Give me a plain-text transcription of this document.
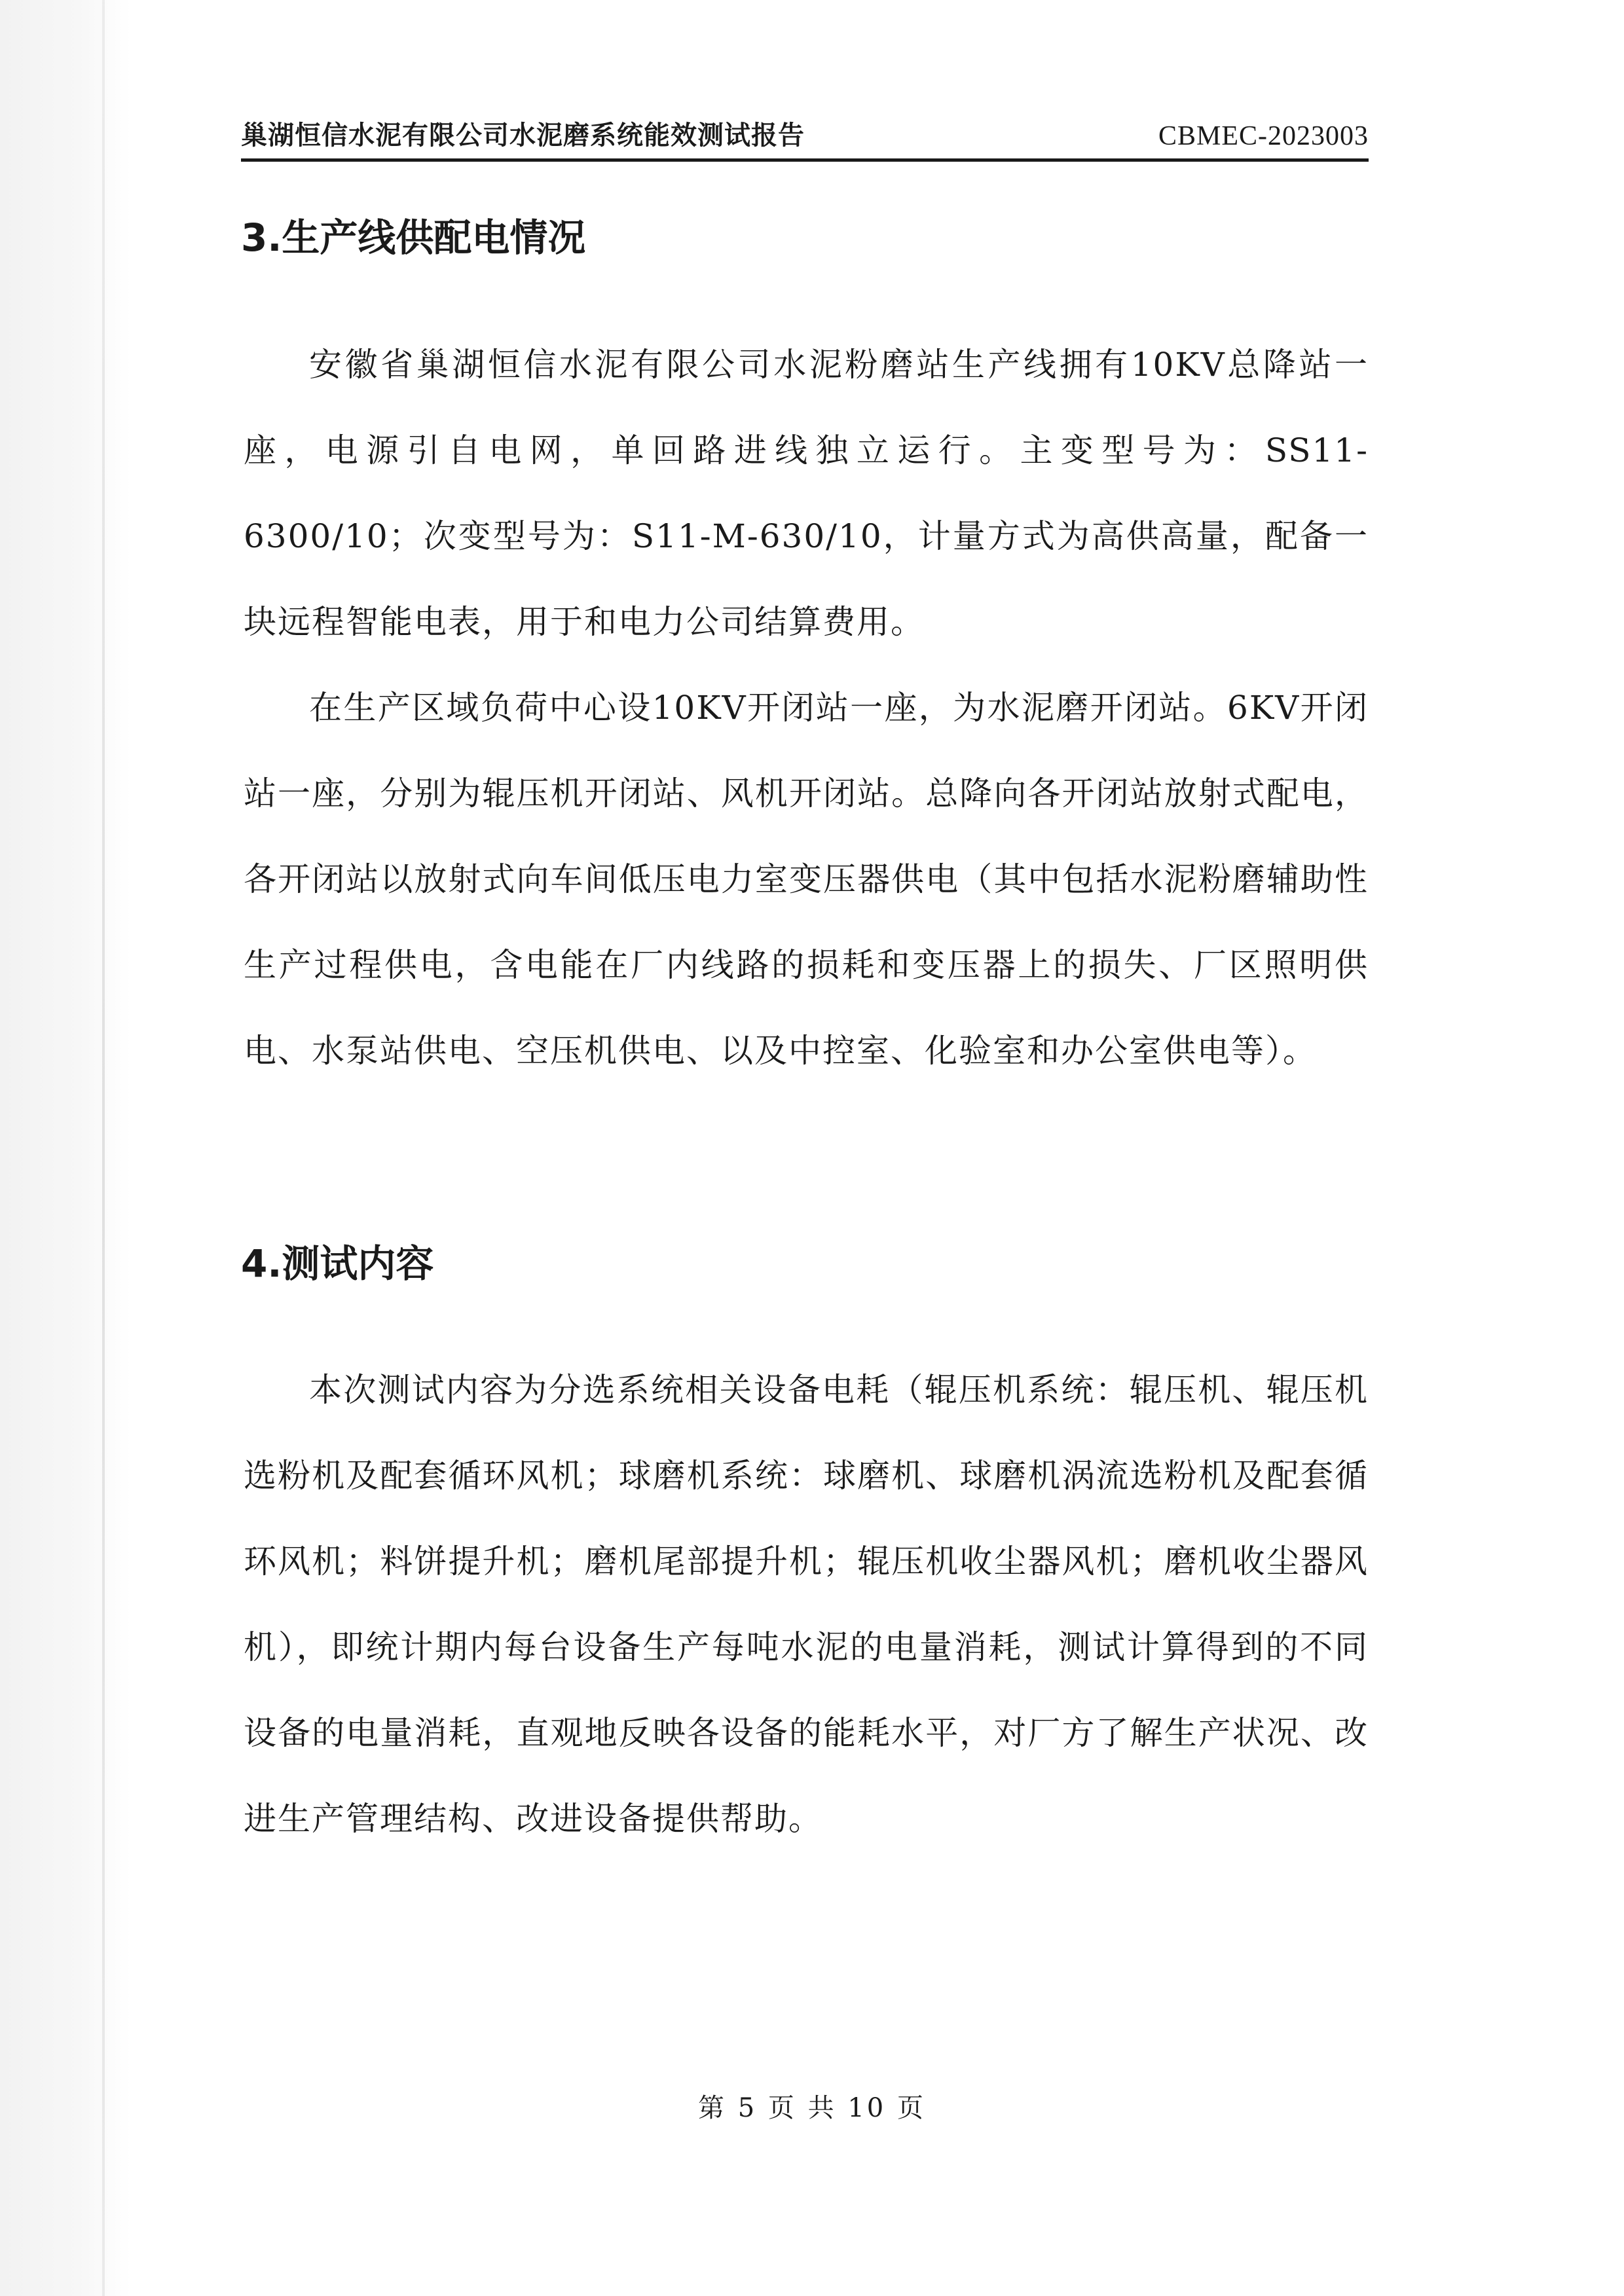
巢湖恒信水泥有限公司水泥磨系统能效测试报告	CBMEC-2023003
3.生产线供配电情况

安徽省巢湖恒信水泥有限公司水泥粉磨站生产线拥有10KV总降站一座，电源引自电网，单回路进线独立运行。主变型号为：SS11-6300/10；次变型号为：S11-M-630/10，计量方式为高供高量，配备一块远程智能电表，用于和电力公司结算费用。

在生产区域负荷中心设10KV开闭站一座，为水泥磨开闭站。6KV开闭站一座，分别为辊压机开闭站、风机开闭站。总降向各开闭站放射式配电，各开闭站以放射式向车间低压电力室变压器供电（其中包括水泥粉磨辅助性生产过程供电，含电能在厂内线路的损耗和变压器上的损失、厂区照明供电、水泵站供电、空压机供电、以及中控室、化验室和办公室供电等）。

4.测试内容

本次测试内容为分选系统相关设备电耗（辊压机系统：辊压机、辊压机选粉机及配套循环风机；球磨机系统：球磨机、球磨机涡流选粉机及配套循环风机；料饼提升机；磨机尾部提升机；辊压机收尘器风机；磨机收尘器风机），即统计期内每台设备生产每吨水泥的电量消耗，测试计算得到的不同设备的电量消耗，直观地反映各设备的能耗水平，对厂方了解生产状况、改进生产管理结构、改进设备提供帮助。

第 5 页 共 10 页
